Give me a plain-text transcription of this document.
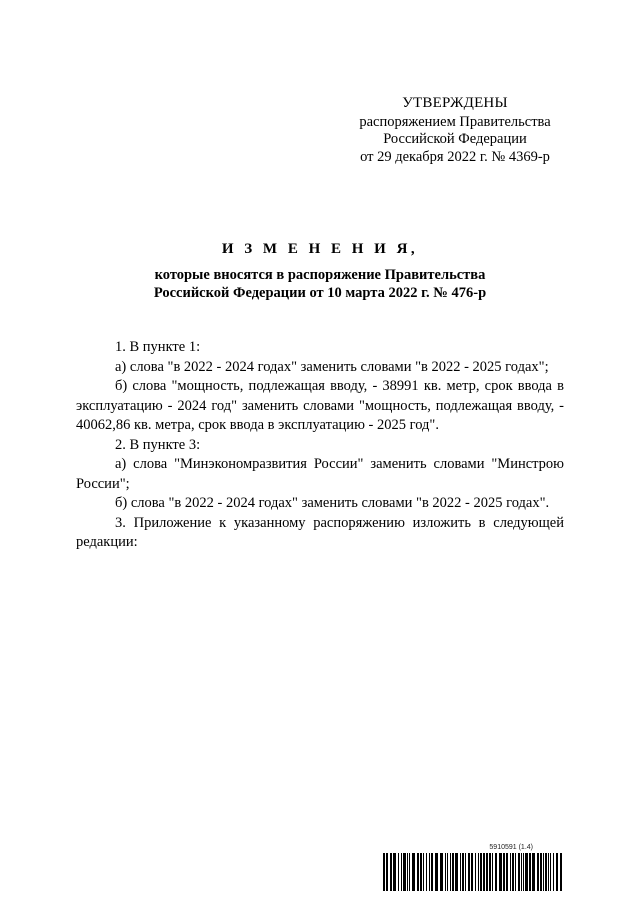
УТВЕРЖДЕНЫ
распоряжением Правительства
Российской Федерации
от 29 декабря 2022 г. № 4369-р
И З М Е Н Е Н И Я,
которые вносятся в распоряжение Правительства
Российской Федерации от 10 марта 2022 г. № 476-р

1. В пункте 1:

а) слова "в 2022 - 2024 годах" заменить словами "в 2022 - 2025 годах";

б) слова "мощность, подлежащая вводу, - 38991 кв. метр, срок ввода в эксплуатацию - 2024 год" заменить словами "мощность, подлежащая вводу, - 40062,86 кв. метра, срок ввода в эксплуатацию - 2025 год".

2. В пункте 3:

а) слова "Минэкономразвития России" заменить словами "Минстрою России";

б) слова "в 2022 - 2024 годах" заменить словами "в 2022 - 2025 годах".

3. Приложение к указанному распоряжению изложить в следующей редакции:

5910591 (1.4)
